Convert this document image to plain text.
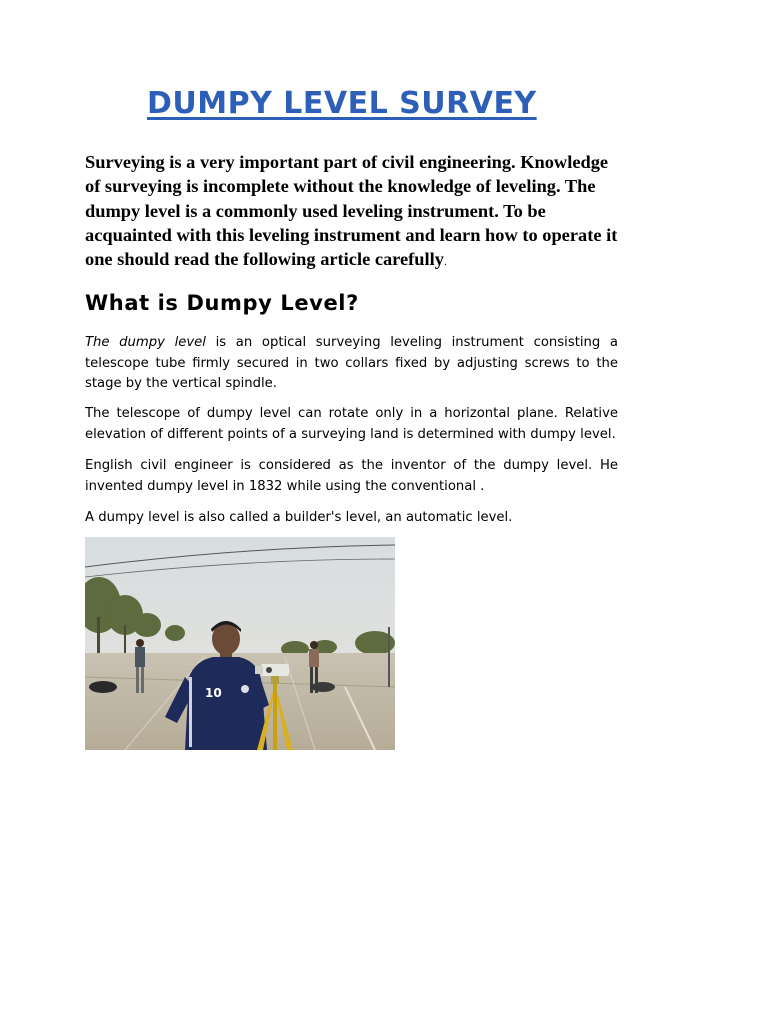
DUMPY LEVEL SURVEY

Surveying is a very important part of civil engineering. Knowledge of surveying is incomplete without the knowledge of leveling. The dumpy level is a commonly used leveling instrument. To be acquainted with this leveling instrument and learn how to operate it one should read the following article carefully.

What is Dumpy Level?

The dumpy level is an optical surveying leveling instrument consisting a telescope tube firmly secured in two collars fixed by adjusting screws to the stage by the vertical spindle.

The telescope of dumpy level can rotate only in a horizontal plane. Relative elevation of different points of a surveying land is determined with dumpy level.

English civil engineer is considered as the inventor of the dumpy level. He invented dumpy level in 1832 while using the conventional .

A dumpy level is also called a builder's level, an automatic level.

10
